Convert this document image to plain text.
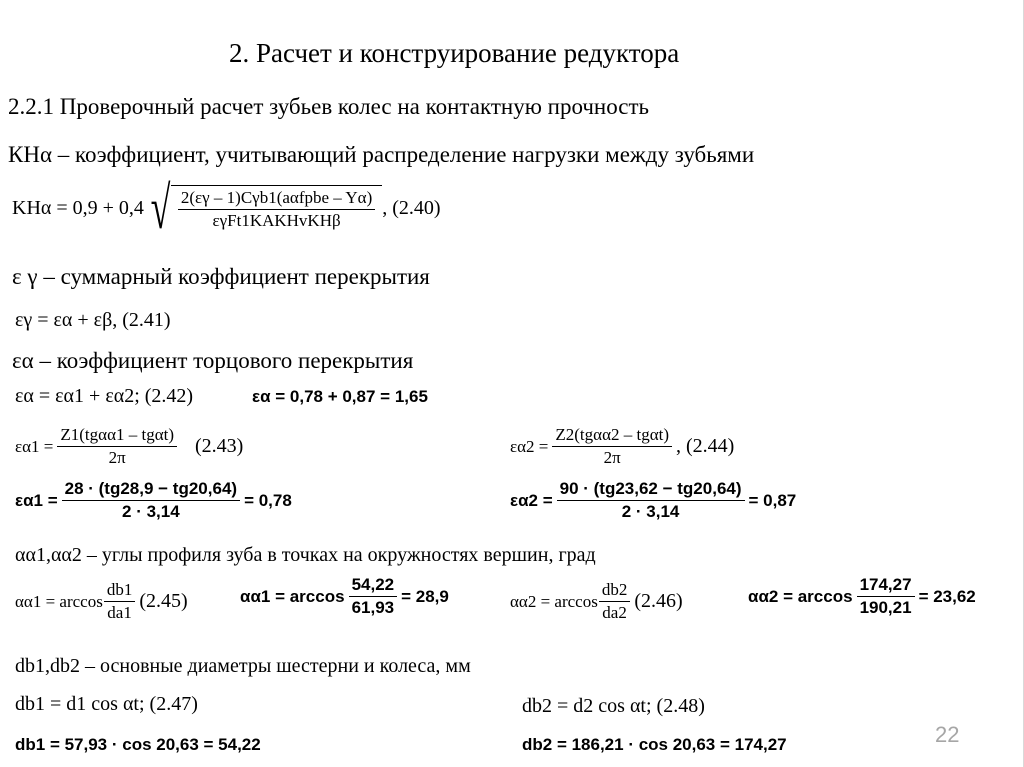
2. Расчет и конструирование редуктора
2.2.1 Проверочный расчет зубьев колес на контактную прочность
КHα – коэффициент, учитывающий распределение нагрузки между зубьями
KHα = 0,9 + 0,4 √ $\frac{\text{2(εγ – 1)Cγb1(aαfpbe – Yα)}}{\text{εγFt1KAKHvKHβ}}$ , (2.40)
ε γ – суммарный коэффициент перекрытия
εγ = εα + εβ, (2.41)
εα – коэффициент торцового перекрытия
εα = εα1 + εα2; (2.42)	εα = 0,78 + 0,87 = 1,65
$\varepsilon\alpha 1 = \frac{\text{Z1(tgαα1 – tgαt)}}{2\pi} (2.43)$	$\varepsilon\alpha 2 = \frac{\text{Z2(tgαα2 – tgαt)}}{2\pi}$ , (2.44)
$\varepsilon\alpha 1 = \frac{28 \cdot (tg28,9 - tg20,64)}{2 \cdot 3,14} = 0,78$	$\varepsilon\alpha 2 = \frac{90 \cdot (tg23,62 - tg20,64)}{2 \cdot 3,14} = 0,87$
αα1,αα2 – углы профиля зуба в точках на окружностях вершин, град
$\alpha\alpha 1 = \arccos \frac{db1}{da1} (2.45)$	$\alpha\alpha 1 = \arccos \frac{54,22}{61,93} = 28,9$	$\alpha\alpha 2 = \arccos \frac{db2}{da2} (2.46)$	$\alpha\alpha 2 = \arccos \frac{174,27}{190,21} = 23,62$
db1,db2 – основные диаметры шестерни и колеса, мм
db1 = d1 cos αt; (2.47)	db2 = d2 cos αt; (2.48)
db1 = 57,93 · cos 20,63 = 54,22	db2 = 186,21 · cos 20,63 = 174,27	22
